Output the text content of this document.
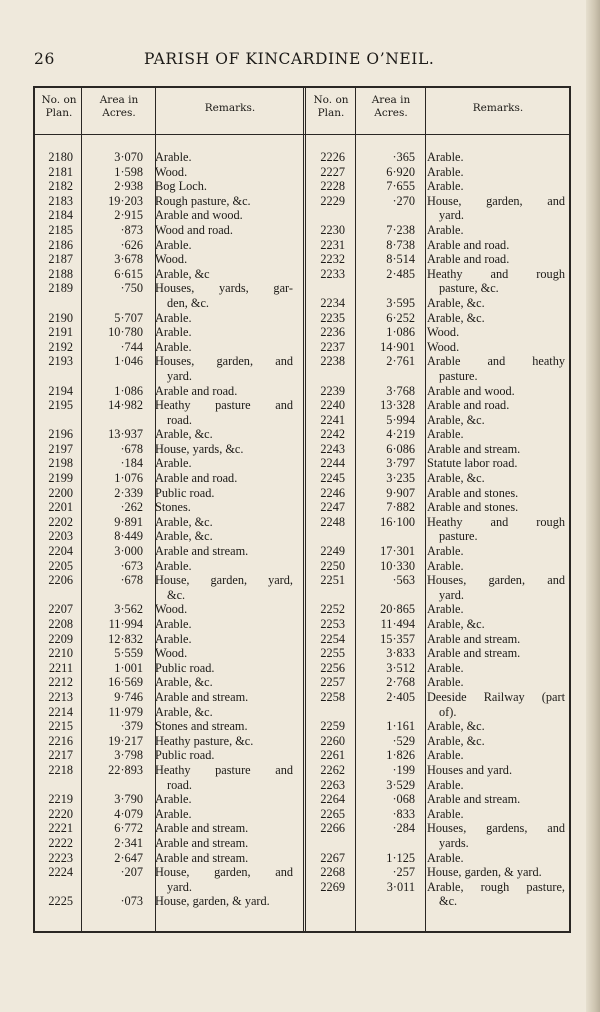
26	PARISH OF KINCARDINE O’NEIL.
No. on
Plan.
Area in
Acres.	Remarks.
No. on
Plan.
Area in
Acres.	Remarks.
2180	3·070 Arable.
2181	1·598 Wood.
2182	2·938 Bog Loch.
2183	19·203 Rough pasture, &c.
2184	2·915 Arable and wood.
2185	·873 Wood and road.
2186	·626 Arable.
2187	3·678 Wood.
2188	6·615 Arable, &c
2189	·750 Houses, yards, gar-
den, &c.
2190	5·707 Arable.
2191	10·780 Arable.
2192	·744 Arable.
2193	1·046 Houses, garden, and
yard.
2194	1·086 Arable and road.
2195	14·982 Heathy pasture and
road.
2196	13·937 Arable, &c.
2197	·678 House, yards, &c.
2198	·184 Arable.
2199	1·076 Arable and road.
2200	2·339 Public road.
2201	·262 Stones.
2202	9·891 Arable, &c.
2203	8·449 Arable, &c.
2204	3·000 Arable and stream.
2205	·673 Arable.
2206	·678 House, garden, yard,
&c.
2207	3·562 Wood.
2208	11·994 Arable.
2209	12·832 Arable.
2210	5·559 Wood.
2211	1·001 Public road.
2212	16·569 Arable, &c.
2213	9·746 Arable and stream.
2214	11·979 Arable, &c.
2215	·379 Stones and stream.
2216	19·217 Heathy pasture, &c.
2217	3·798 Public road.
2218	22·893 Heathy pasture and
road.
2219	3·790 Arable.
2220	4·079 Arable.
2221	6·772 Arable and stream.
2222	2·341 Arable and stream.
2223	2·647 Arable and stream.
2224	·207 House, garden, and
yard.
2225	·073 House, garden, & yard.
2226	·365 Arable.
2227	6·920 Arable.
2228	7·655 Arable.
2229	·270 House, garden, and
yard.
2230	7·238 Arable.
2231	8·738 Arable and road.
2232	8·514 Arable and road.
2233	2·485 Heathy and rough
pasture, &c.
2234	3·595 Arable, &c.
2235	6·252 Arable, &c.
2236	1·086 Wood.
2237	14·901 Wood.
2238	2·761 Arable and heathy
pasture.
2239	3·768 Arable and wood.
2240	13·328 Arable and road.
2241	5·994 Arable, &c.
2242	4·219 Arable.
2243	6·086 Arable and stream.
2244	3·797 Statute labor road.
2245	3·235 Arable, &c.
2246	9·907 Arable and stones.
2247	7·882 Arable and stones.
2248	16·100 Heathy and rough
pasture.
2249	17·301 Arable.
2250	10·330 Arable.
2251	·563 Houses, garden, and
yard.
2252	20·865 Arable.
2253	11·494 Arable, &c.
2254	15·357 Arable and stream.
2255	3·833 Arable and stream.
2256	3·512 Arable.
2257	2·768 Arable.
2258	2·405 Deeside Railway (part
of).
2259	1·161 Arable, &c.
2260	·529 Arable, &c.
2261	1·826 Arable.
2262	·199 Houses and yard.
2263	3·529 Arable.
2264	·068 Arable and stream.
2265	·833 Arable.
2266	·284 Houses, gardens, and
yards.
2267	1·125 Arable.
2268	·257 House, garden, & yard.
2269	3·011 Arable, rough pasture,
&c.
